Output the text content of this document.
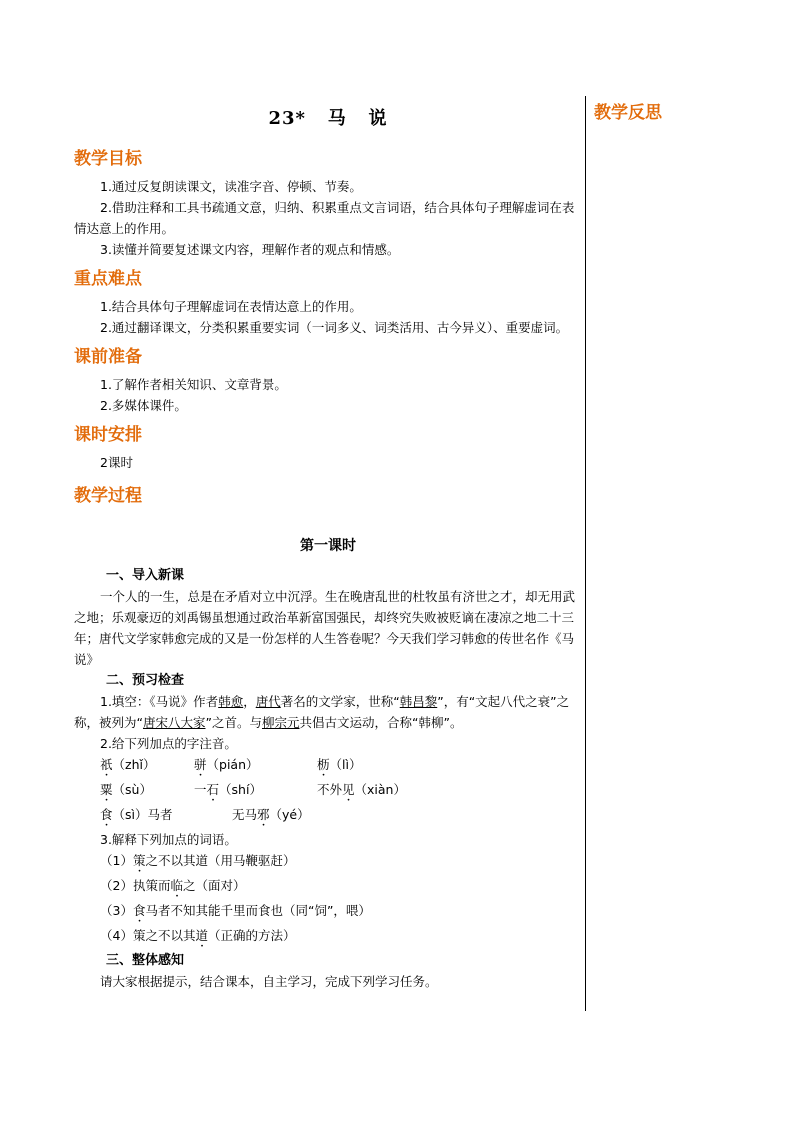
教学反思
23*   马   说
教学目标

1.通过反复朗读课文，读准字音、停顿、节奏。

2.借助注释和工具书疏通文意，归纳、积累重点文言词语，结合具体句子理解虚词在表情达意上的作用。

3.读懂并简要复述课文内容，理解作者的观点和情感。

重点难点

1.结合具体句子理解虚词在表情达意上的作用。

2.通过翻译课文，分类积累重要实词（一词多义、词类活用、古今异义）、重要虚词。

课前准备

1.了解作者相关知识、文章背景。

2.多媒体课件。

课时安排

2课时

教学过程
第一课时

一、导入新课

一个人的一生，总是在矛盾对立中沉浮。生在晚唐乱世的杜牧虽有济世之才，却无用武之地；乐观豪迈的刘禹锡虽想通过政治革新富国强民，却终究失败被贬谪在凄凉之地二十三年；唐代文学家韩愈完成的又是一份怎样的人生答卷呢？今天我们学习韩愈的传世名作《马说》

二、预习检查

1.填空：《马说》作者韩愈，唐代著名的文学家，世称“韩昌黎”，有“文起八代之衰”之称，被列为“唐宋八大家”之首。与柳宗元共倡古文运动，合称“韩柳”。

2.给下列加点的字注音。

祇（zhǐ）	骈（pián）	枥（lì）
粟（sù）	一石（shí）	不外见（xiàn）
食（sì）马者	无马邪（yé）

3.解释下列加点的词语。

（1）策之不以其道（用马鞭驱赶）

（2）执策而临之（面对）

（3）食马者不知其能千里而食也（同“饲”，喂）

（4）策之不以其道（正确的方法）

三、整体感知

请大家根据提示，结合课本，自主学习，完成下列学习任务。
